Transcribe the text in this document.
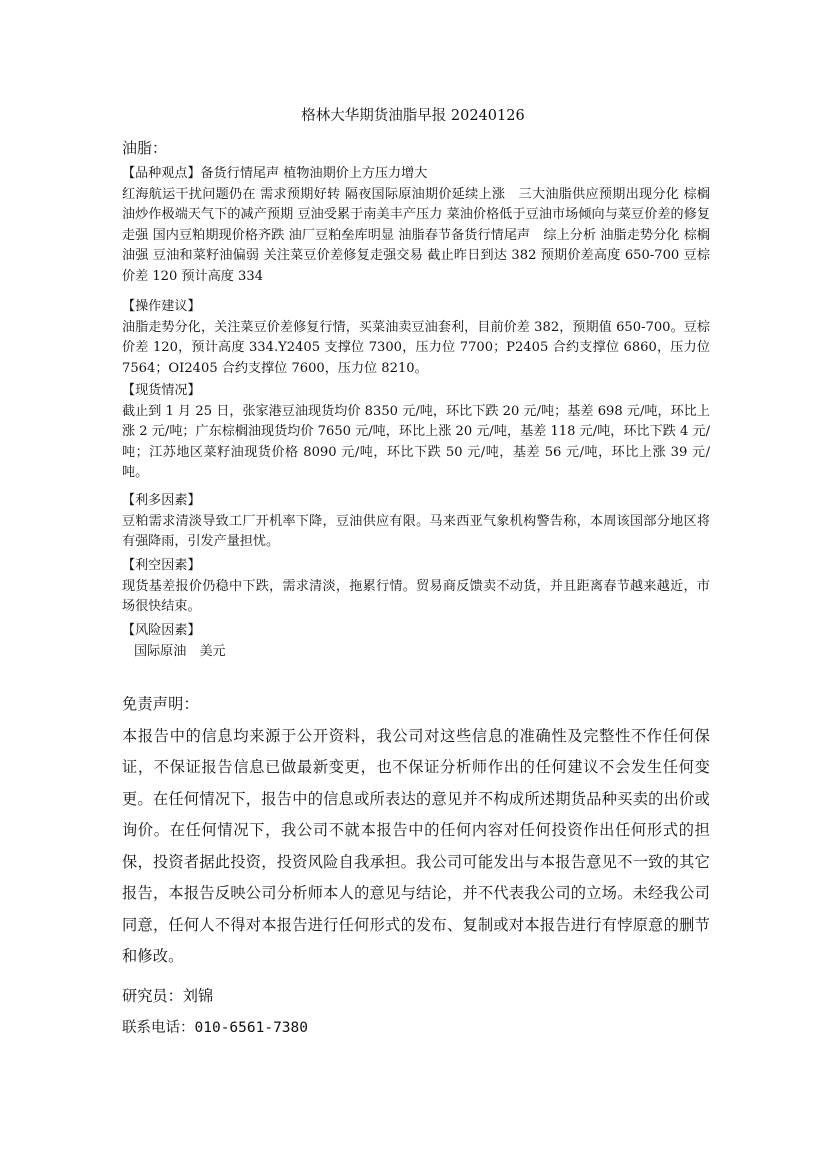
格林大华期货油脂早报 20240126
油脂：

【品种观点】备货行情尾声 植物油期价上方压力增大

红海航运干扰问题仍在 需求预期好转 隔夜国际原油期价延续上涨　三大油脂供应预期出现分化 棕榈油炒作极端天气下的减产预期 豆油受累于南美丰产压力 菜油价格低于豆油市场倾向与菜豆价差的修复走强 国内豆粕期现价格齐跌 油厂豆粕垒库明显 油脂春节备货行情尾声　综上分析 油脂走势分化 棕榈油强 豆油和菜籽油偏弱 关注菜豆价差修复走强交易 截止昨日到达 382 预期价差高度 650-700 豆棕价差 120 预计高度 334

【操作建议】

油脂走势分化，关注菜豆价差修复行情，买菜油卖豆油套利，目前价差 382，预期值 650-700。豆棕价差 120，预计高度 334.Y2405 支撑位 7300，压力位 7700；P2405 合约支撑位 6860，压力位 7564；OI2405 合约支撑位 7600，压力位 8210。

【现货情况】

截止到 1 月 25 日，张家港豆油现货均价 8350 元/吨，环比下跌 20 元/吨；基差 698 元/吨，环比上涨 2 元/吨；广东棕榈油现货均价 7650 元/吨，环比上涨 20 元/吨，基差 118 元/吨，环比下跌 4 元/吨；江苏地区菜籽油现货价格 8090 元/吨，环比下跌 50 元/吨，基差 56 元/吨，环比上涨 39 元/吨。

【利多因素】

豆粕需求清淡导致工厂开机率下降，豆油供应有限。马来西亚气象机构警告称，本周该国部分地区将有强降雨，引发产量担忧。

【利空因素】

现货基差报价仍稳中下跌，需求清淡，拖累行情。贸易商反馈卖不动货，并且距离春节越来越近，市场很快结束。

【风险因素】

国际原油　美元

免责声明：

本报告中的信息均来源于公开资料，我公司对这些信息的准确性及完整性不作任何保证，不保证报告信息已做最新变更，也不保证分析师作出的任何建议不会发生任何变更。在任何情况下，报告中的信息或所表达的意见并不构成所述期货品种买卖的出价或询价。在任何情况下，我公司不就本报告中的任何内容对任何投资作出任何形式的担保，投资者据此投资，投资风险自我承担。我公司可能发出与本报告意见不一致的其它报告，本报告反映公司分析师本人的意见与结论，并不代表我公司的立场。未经我公司同意，任何人不得对本报告进行任何形式的发布、复制或对本报告进行有悖原意的删节和修改。

研究员：刘锦
联系电话：010-6561-7380
